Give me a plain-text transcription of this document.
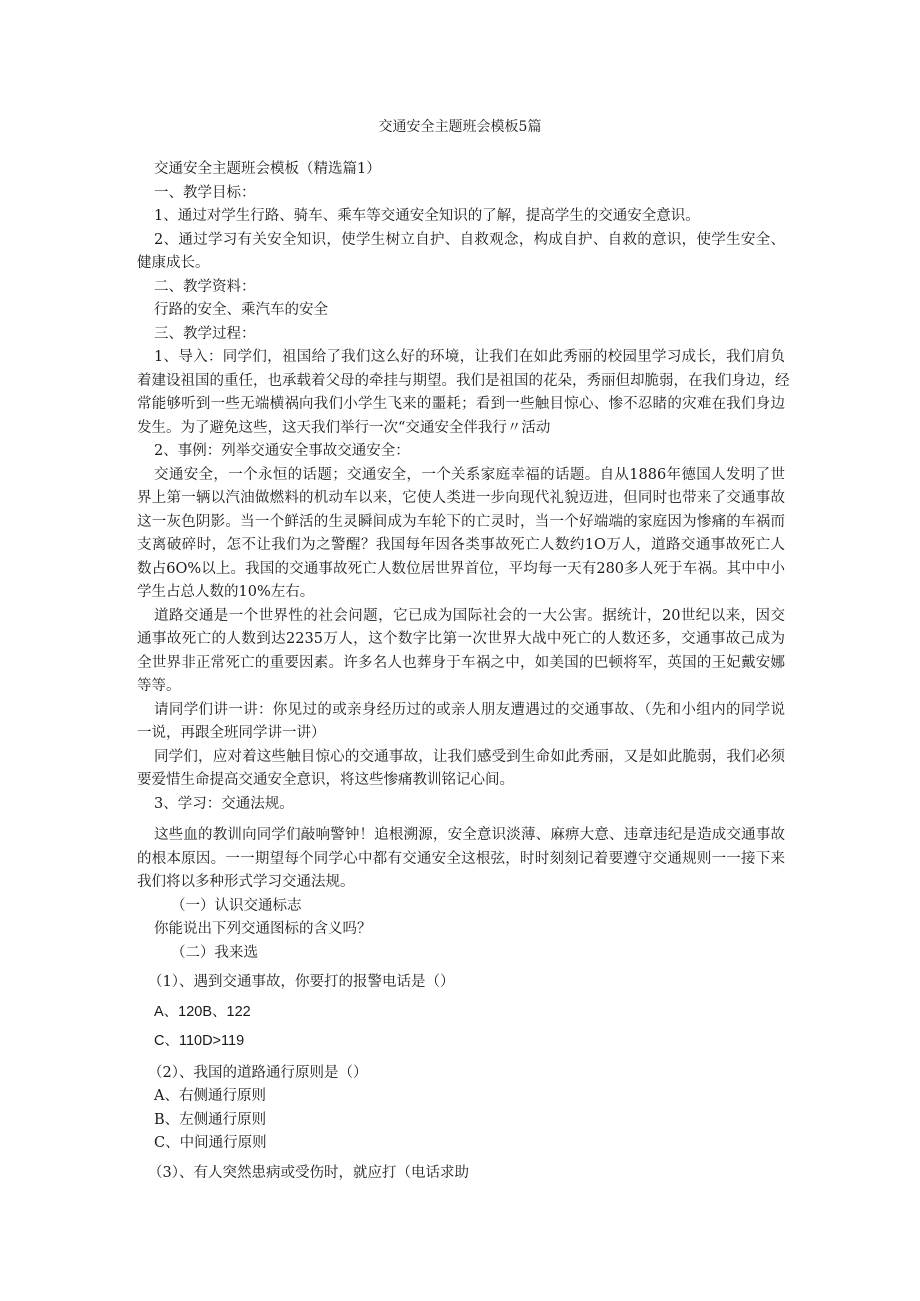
交通安全主题班会模板5篇
交通安全主题班会模板（精选篇1）
一、教学目标：
1、通过对学生行路、骑车、乘车等交通安全知识的了解，提高学生的交通安全意识。
2、通过学习有关安全知识，使学生树立自护、自救观念，构成自护、自救的意识，使学生安全、
健康成长。
二、教学资料：
行路的安全、乘汽车的安全
三、教学过程：
1、导入：同学们，祖国给了我们这么好的环境，让我们在如此秀丽的校园里学习成长，我们肩负
着建设祖国的重任，也承载着父母的牵挂与期望。我们是祖国的花朵，秀丽但却脆弱，在我们身边，经
常能够听到一些无端横祸向我们小学生飞来的噩耗；看到一些触目惊心、惨不忍睹的灾难在我们身边
发生。为了避免这些，这天我们举行一次“交通安全伴我行〃活动
2、事例：列举交通安全事故交通安全：
交通安全，一个永恒的话题；交通安全，一个关系家庭幸福的话题。自从1886年德国人发明了世
界上第一辆以汽油做燃料的机动车以来，它使人类进一步向现代礼貌迈进，但同时也带来了交通事故
这一灰色阴影。当一个鲜活的生灵瞬间成为车轮下的亡灵时，当一个好端端的家庭因为惨痛的车祸而
支离破碎时，怎不让我们为之警醒？我国每年因各类事故死亡人数约1O万人，道路交通事故死亡人
数占6O%以上。我国的交通事故死亡人数位居世界首位，平均每一天有280多人死于车祸。其中中小
学生占总人数的10%左右。
道路交通是一个世界性的社会问题，它已成为国际社会的一大公害。据统计，20世纪以来，因交
通事故死亡的人数到达2235万人，这个数字比第一次世界大战中死亡的人数还多，交通事故己成为
全世界非正常死亡的重要因素。许多名人也葬身于车祸之中，如美国的巴顿将军，英国的王妃戴安娜
等等。
请同学们讲一讲：你见过的或亲身经历过的或亲人朋友遭遇过的交通事故、（先和小组内的同学说
一说，再跟全班同学讲一讲）
同学们，应对着这些触目惊心的交通事故，让我们感受到生命如此秀丽，又是如此脆弱，我们必须
要爱惜生命提高交通安全意识，将这些惨痛教训铭记心间。
3、学习：交通法规。
这些血的教训向同学们敲响警钟！追根溯源，安全意识淡薄、麻痹大意、违章违纪是造成交通事故
的根本原因。一一期望每个同学心中都有交通安全这根弦，时时刻刻记着要遵守交通规则一一接下来
我们将以多种形式学习交通法规。
（一）认识交通标志
你能说出下列交通图标的含义吗？
（二）我来选
（1）、遇到交通事故，你要打的报警电话是（）
A、120B、122
C、110D>119
（2）、我国的道路通行原则是（）
A、右侧通行原则
B、左侧通行原则
C、中间通行原则
（3）、有人突然患病或受伤时，就应打（电话求助
